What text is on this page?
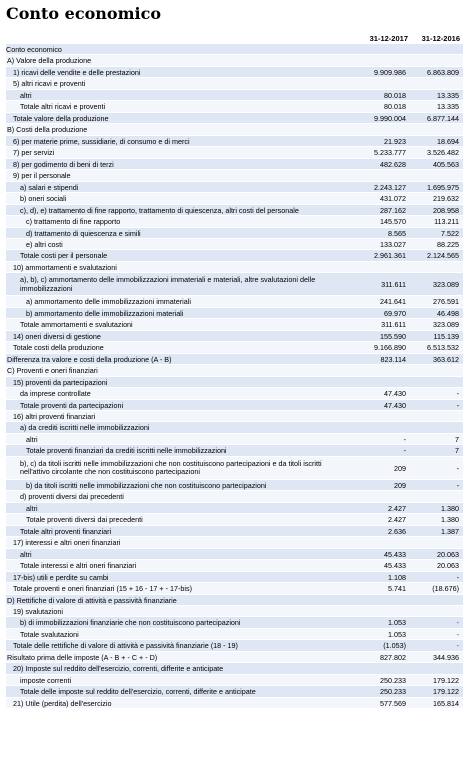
Conto economico
31-12-2017	31-12-2016
Conto economico
A) Valore della produzione
1) ricavi delle vendite e delle prestazioni	9.909.986	6.863.809
5) altri ricavi e proventi
altri	80.018	13.335
Totale altri ricavi e proventi	80.018	13.335
Totale valore della produzione	9.990.004	6.877.144
B) Costi della produzione
6) per materie prime, sussidiarie, di consumo e di merci	21.923	18.694
7) per servizi	5.233.777	3.526.482
8) per godimento di beni di terzi	482.628	405.563
9) per il personale
a) salari e stipendi	2.243.127	1.695.975
b) oneri sociali	431.072	219.632
c), d), e) trattamento di fine rapporto, trattamento di quiescenza, altri costi del personale	287.162	208.958
c) trattamento di fine rapporto	145.570	113.211
d) trattamento di quiescenza e simili	8.565	7.522
e) altri costi	133.027	88.225
Totale costi per il personale	2.961.361	2.124.565
10) ammortamenti e svalutazioni
a), b), c) ammortamento delle immobilizzazioni immateriali e materiali, altre svalutazioni delle immobilizzazioni	311.611	323.089
a) ammortamento delle immobilizzazioni immateriali	241.641	276.591
b) ammortamento delle immobilizzazioni materiali	69.970	46.498
Totale ammortamenti e svalutazioni	311.611	323.089
14) oneri diversi di gestione	155.590	115.139
Totale costi della produzione	9.166.890	6.513.532
Differenza tra valore e costi della produzione (A - B)	823.114	363.612
C) Proventi e oneri finanziari
15) proventi da partecipazioni
da imprese controllate	47.430	-
Totale proventi da partecipazioni	47.430	-
16) altri proventi finanziari
a) da crediti iscritti nelle immobilizzazioni
altri	-	7
Totale proventi finanziari da crediti iscritti nelle immobilizzazioni	-	7
b), c) da titoli iscritti nelle immobilizzazioni che non costituiscono partecipazioni e da titoli iscritti nell'attivo circolante che non costituiscono partecipazioni	209	-
b) da titoli iscritti nelle immobilizzazioni che non costituiscono partecipazioni	209	-
d) proventi diversi dai precedenti
altri	2.427	1.380
Totale proventi diversi dai precedenti	2.427	1.380
Totale altri proventi finanziari	2.636	1.387
17) interessi e altri oneri finanziari
altri	45.433	20.063
Totale interessi e altri oneri finanziari	45.433	20.063
17-bis) utili e perdite su cambi	1.108	-
Totale proventi e oneri finanziari (15 + 16 - 17 + - 17-bis)	5.741	(18.676)
D) Rettifiche di valore di attività e passività finanziarie
19) svalutazioni
b) di immobilizzazioni finanziarie che non costituiscono partecipazioni	1.053	-
Totale svalutazioni	1.053	-
Totale delle rettifiche di valore di attività e passività finanziarie (18 - 19)	(1.053)	-
Risultato prima delle imposte (A - B + - C + - D)	827.802	344.936
20) Imposte sul reddito dell'esercizio, correnti, differite e anticipate
imposte correnti	250.233	179.122
Totale delle imposte sul reddito dell'esercizio, correnti, differite e anticipate	250.233	179.122
21) Utile (perdita) dell'esercizio	577.569	165.814
